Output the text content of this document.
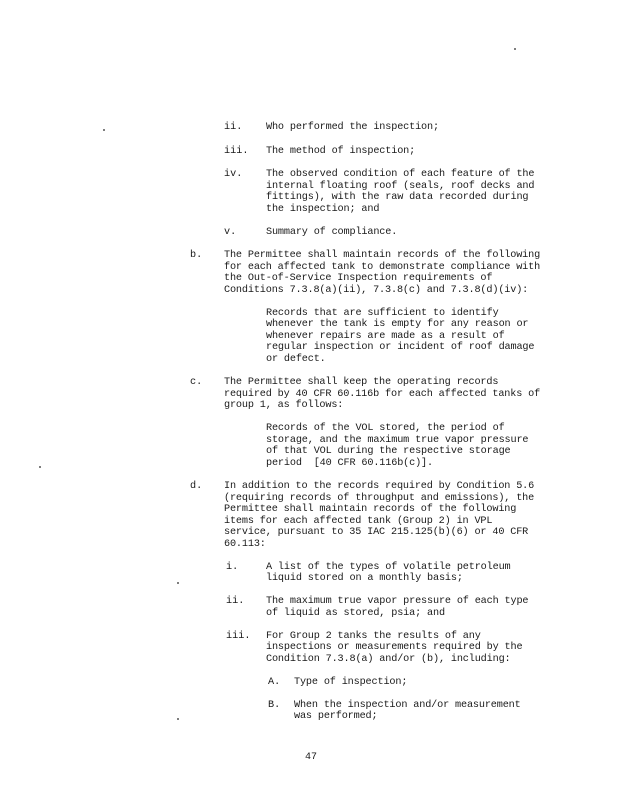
ii. Who performed the inspection;
iii. The method of inspection;
iv. The observed condition of each feature of the
internal floating roof (seals, roof decks and
fittings), with the raw data recorded during
the inspection; and
v.	Summary of compliance.
b. The Permittee shall maintain records of the following
for each affected tank to demonstrate compliance with
the Out-of-Service Inspection requirements of
Conditions 7.3.8(a)(ii), 7.3.8(c) and 7.3.8(d)(iv):
Records that are sufficient to identify
whenever the tank is empty for any reason or
whenever repairs are made as a result of
regular inspection or incident of roof damage
or defect.
c. The Permittee shall keep the operating records
required by 40 CFR 60.116b for each affected tanks of
group 1, as follows:
Records of the VOL stored, the period of
storage, and the maximum true vapor pressure
of that VOL during the respective storage
period  [40 CFR 60.116b(c)].
d. In addition to the records required by Condition 5.6
(requiring records of throughput and emissions), the
Permittee shall maintain records of the following
items for each affected tank (Group 2) in VPL
service, pursuant to 35 IAC 215.125(b)(6) or 40 CFR
60.113:
i.	A list of the types of volatile petroleum
liquid stored on a monthly basis;
ii. The maximum true vapor pressure of each type
of liquid as stored, psia; and
iii. For Group 2 tanks the results of any
inspections or measurements required by the
Condition 7.3.8(a) and/or (b), including:
A. Type of inspection;
B. When the inspection and/or measurement
was performed;
47
